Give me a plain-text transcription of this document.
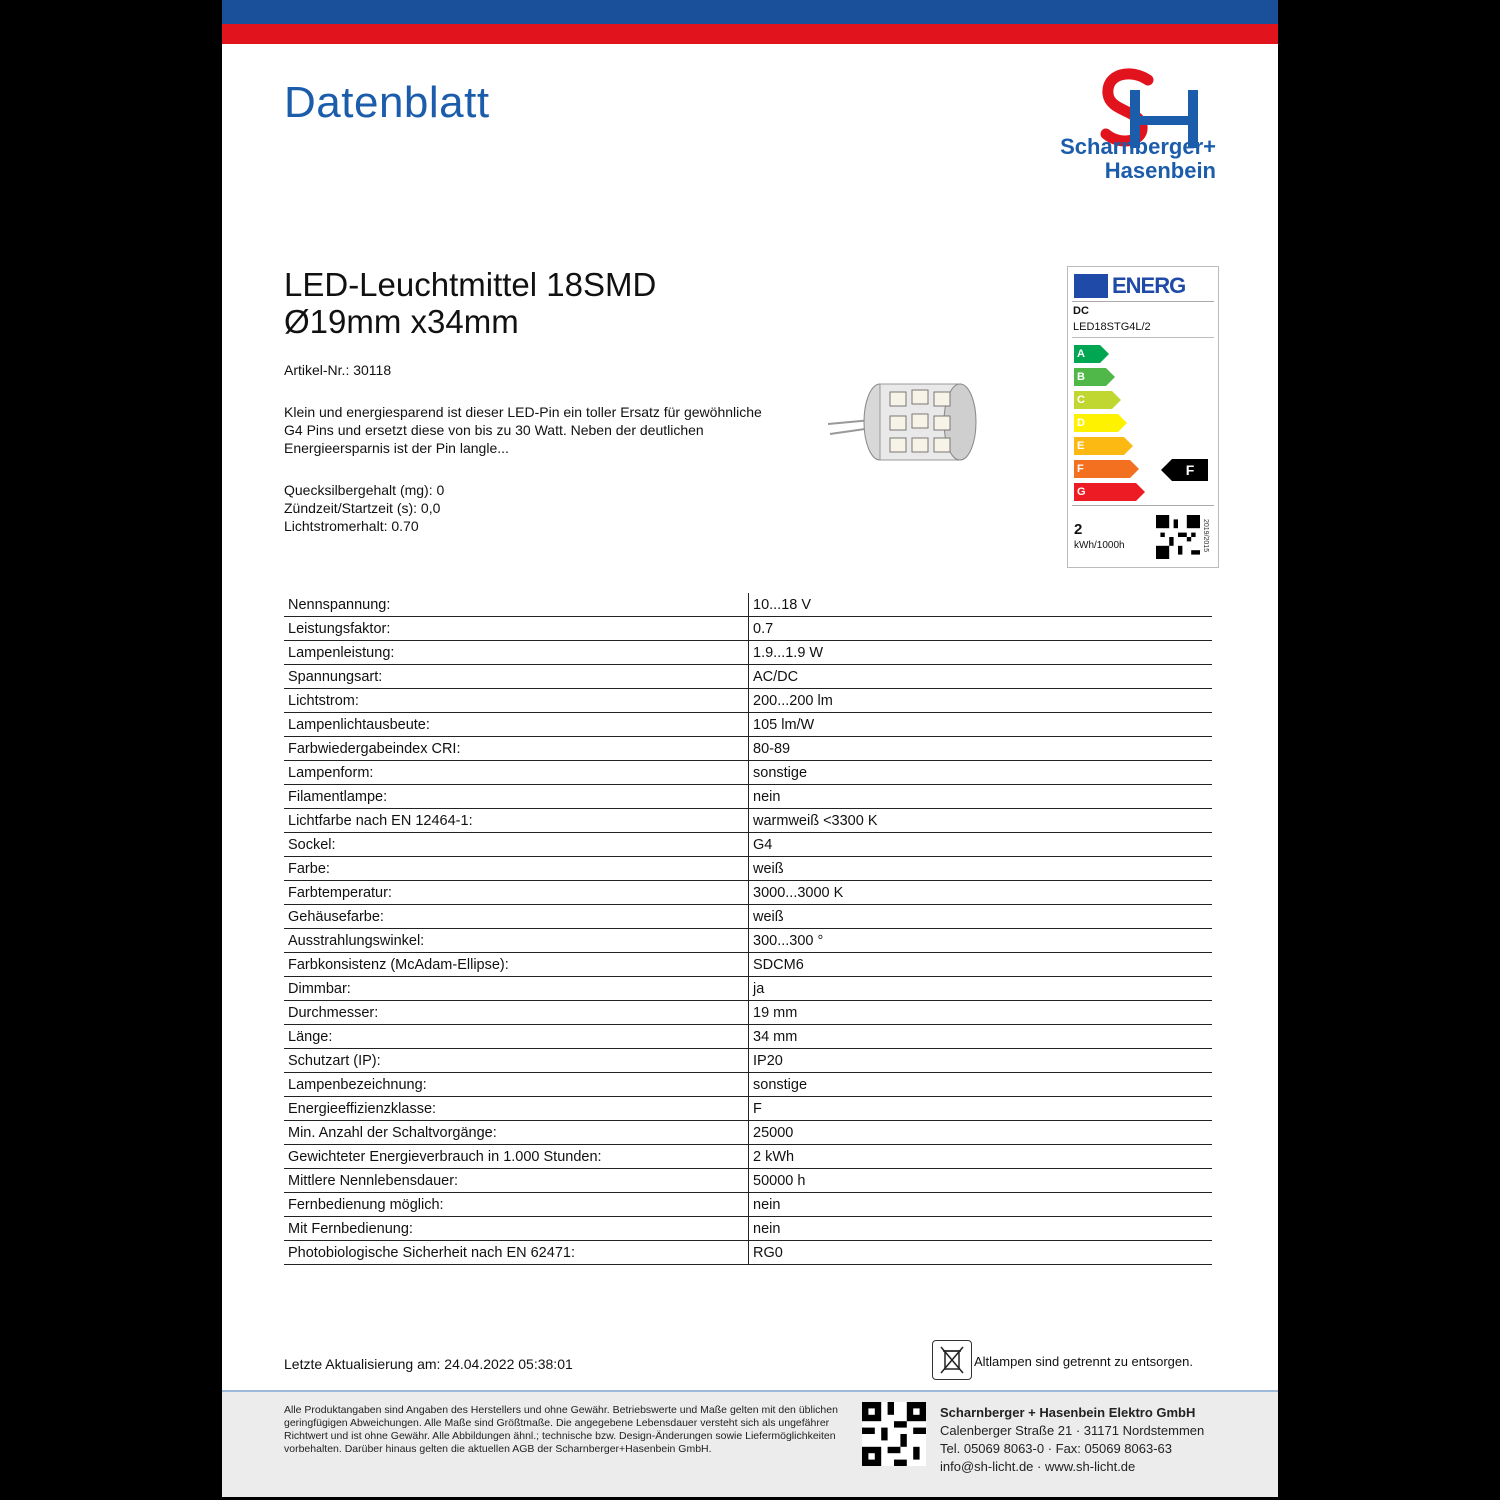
Datenblatt
Scharnberger+
Hasenbein
LED-Leuchtmittel 18SMD
Ø19mm x34mm
Artikel-Nr.: 30118
Klein und energiesparend ist dieser LED-Pin ein toller Ersatz für gewöhnliche G4 Pins und ersetzt diese von bis zu 30 Watt. Neben der deutlichen Energieersparnis ist der Pin langle...
Quecksilbergehalt (mg): 0
Zündzeit/Startzeit (s): 0,0
Lichtstromerhalt: 0.70
ENERG
DC
LED18STG4L/2
A
B
C
D
E
F
G
F
2
kWh/1000h	2019/2015
Nennspannung:	10...18 V
Leistungsfaktor:	0.7
Lampenleistung:	1.9...1.9 W
Spannungsart:	AC/DC
Lichtstrom:	200...200 lm
Lampenlichtausbeute:	105 lm/W
Farbwiedergabeindex CRI:	80-89
Lampenform:	sonstige
Filamentlampe:	nein
Lichtfarbe nach EN 12464-1:	warmweiß <3300 K
Sockel:	G4
Farbe:	weiß
Farbtemperatur:	3000...3000 K
Gehäusefarbe:	weiß
Ausstrahlungswinkel:	300...300 °
Farbkonsistenz (McAdam-Ellipse):	SDCM6
Dimmbar:	ja
Durchmesser:	19 mm
Länge:	34 mm
Schutzart (IP):	IP20
Lampenbezeichnung:	sonstige
Energieeffizienzklasse:	F
Min. Anzahl der Schaltvorgänge:	25000
Gewichteter Energieverbrauch in 1.000 Stunden:	2 kWh
Mittlere Nennlebensdauer:	50000 h
Fernbedienung möglich:	nein
Mit Fernbedienung:	nein
Photobiologische Sicherheit nach EN 62471:	RG0
Letzte Aktualisierung am: 24.04.2022 05:38:01	Altlampen sind getrennt zu entsorgen.
Alle Produktangaben sind Angaben des Herstellers und ohne Gewähr. Betriebswerte und Maße gelten mit den üblichen geringfügigen Abweichungen. Alle Maße sind Größtmaße. Die angegebene Lebensdauer versteht sich als ungefährer Richtwert und ist ohne Gewähr. Alle Abbildungen ähnl.; technische bzw. Design-Änderungen sowie Liefermöglichkeiten vorbehalten. Darüber hinaus gelten die aktuellen AGB der Scharnberger+Hasenbein GmbH.
Scharnberger + Hasenbein Elektro GmbH
Calenberger Straße 21 · 31171 Nordstemmen
Tel. 05069 8063-0 · Fax: 05069 8063-63
info@sh-licht.de · www.sh-licht.de
